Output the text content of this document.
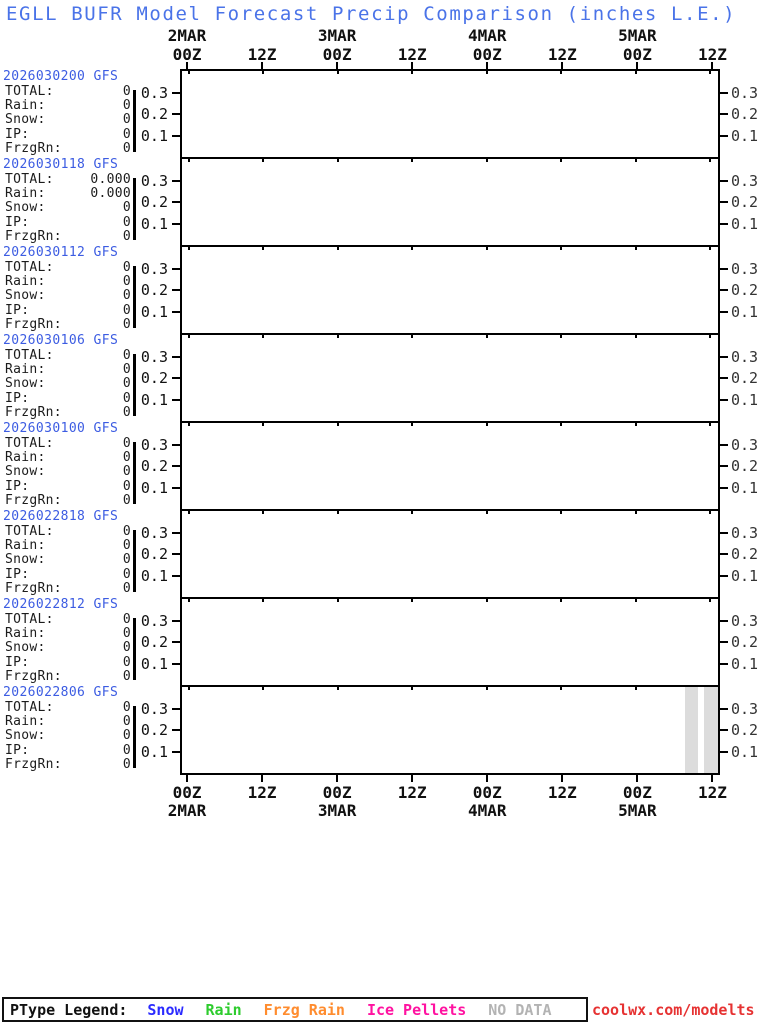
EGLL BUFR Model Forecast Precip Comparison (inches L.E.)
00Z	12Z	00Z	12Z	00Z	12Z	00Z	12Z
2MAR	3MAR	4MAR	5MAR
0.3	0.3
0.2	0.2
0.1	0.1
0.3	0.3
0.2	0.2
0.1	0.1
0.3	0.3
0.2	0.2
0.1	0.1
0.3	0.3
0.2	0.2
0.1	0.1
0.3	0.3
0.2	0.2
0.1	0.1
0.3	0.3
0.2	0.2
0.1	0.1
0.3	0.3
0.2	0.2
0.1	0.1
0.3	0.3
0.2	0.2
0.1	0.1
2026030200 GFS
TOTAL:	0
Rain:	0
Snow:	0
IP:	0
FrzgRn:	0
2026030118 GFS
TOTAL:	0.000
Rain:	0.000
Snow:	0
IP:	0
FrzgRn:	0
2026030112 GFS
TOTAL:	0
Rain:	0
Snow:	0
IP:	0
FrzgRn:	0
2026030106 GFS
TOTAL:	0
Rain:	0
Snow:	0
IP:	0
FrzgRn:	0
2026030100 GFS
TOTAL:	0
Rain:	0
Snow:	0
IP:	0
FrzgRn:	0
2026022818 GFS
TOTAL:	0
Rain:	0
Snow:	0
IP:	0
FrzgRn:	0
2026022812 GFS
TOTAL:	0
Rain:	0
Snow:	0
IP:	0
FrzgRn:	0
2026022806 GFS
TOTAL:	0
Rain:	0
Snow:	0
IP:	0
FrzgRn:	0
00Z	12Z	00Z	12Z	00Z	12Z	00Z	12Z
2MAR	3MAR	4MAR	5MAR
PType Legend: Snow Rain Frzg Rain Ice Pellets NO DATA	coolwx.com/modelts
